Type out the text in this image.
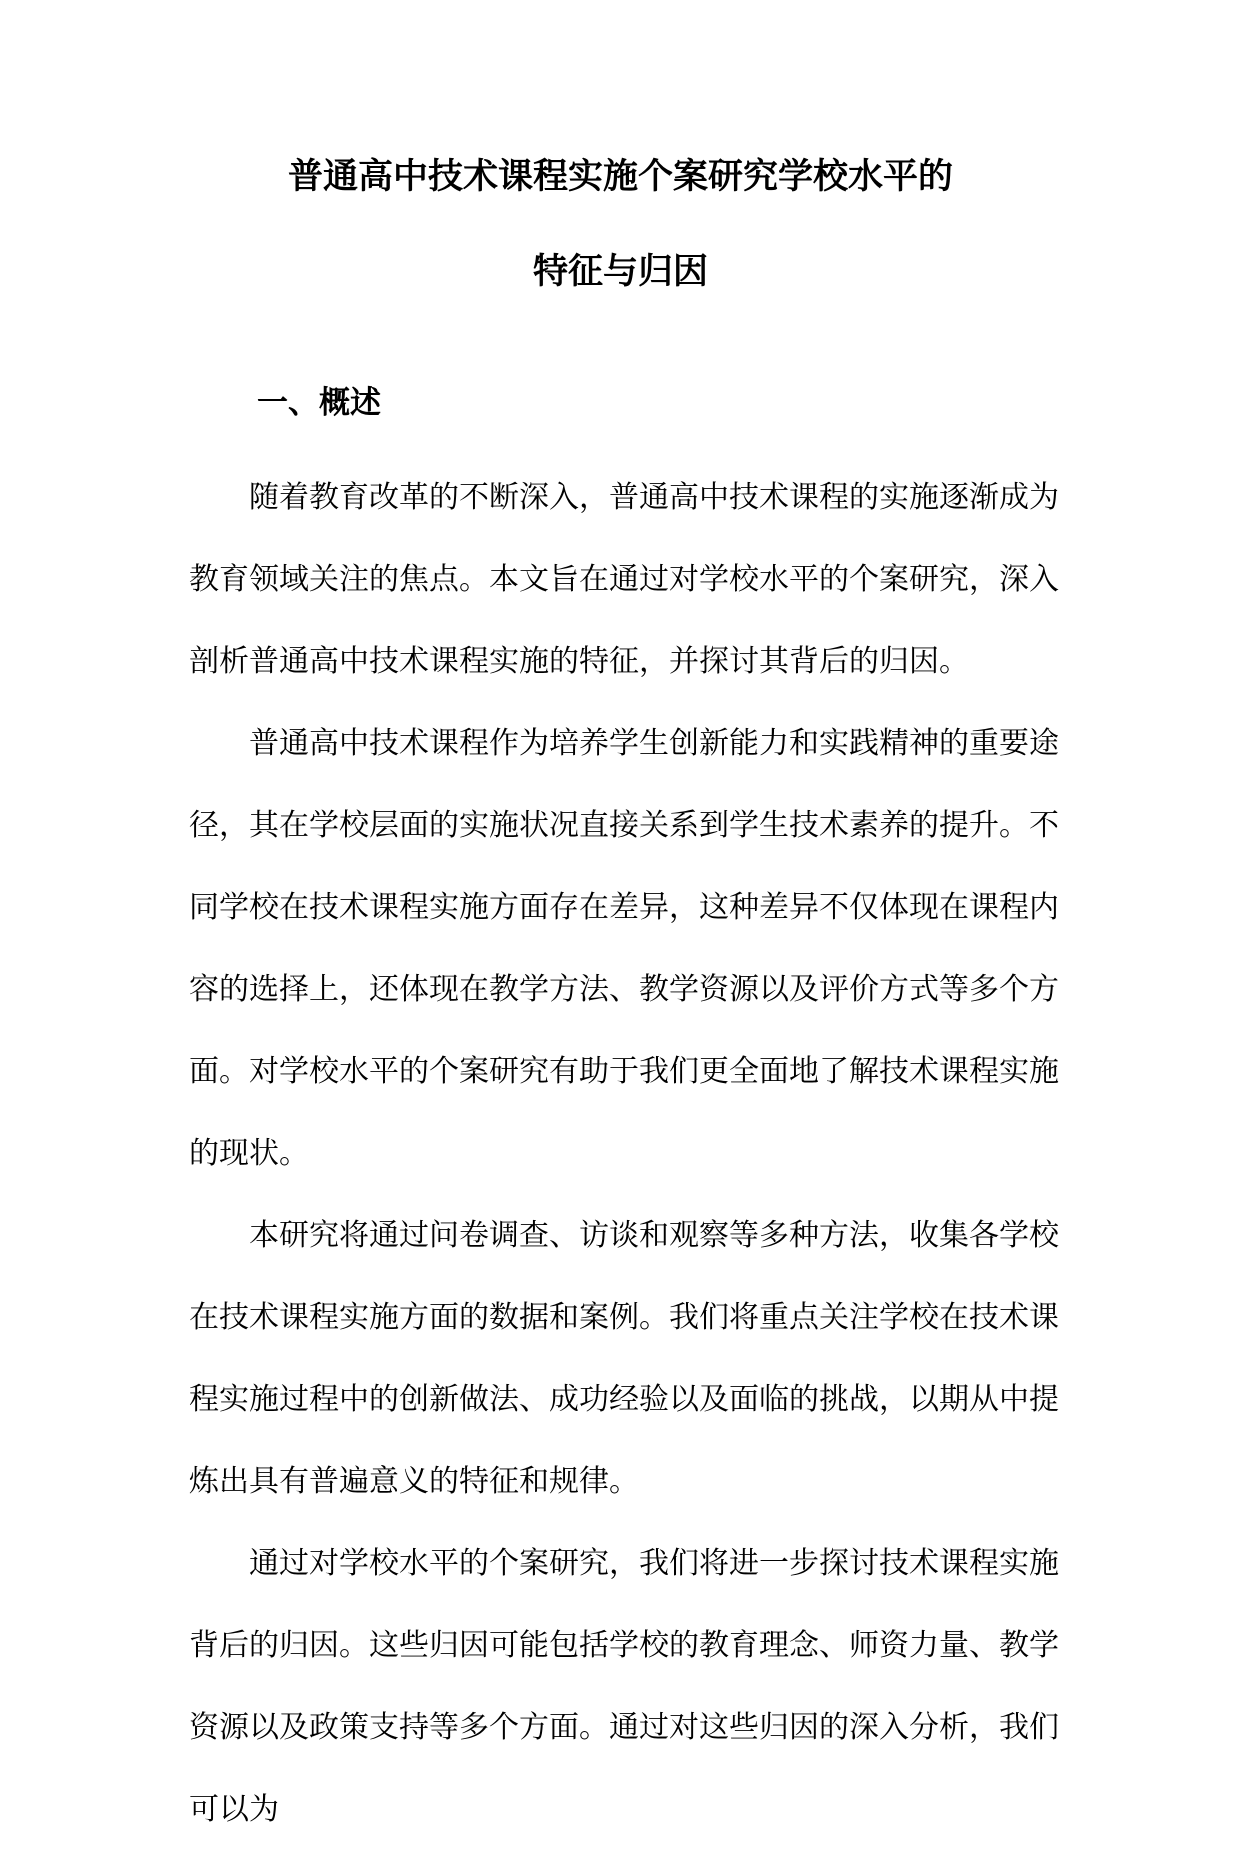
普通高中技术课程实施个案研究学校水平的
特征与归因
一、概述

随着教育改革的不断深入，普通高中技术课程的实施逐渐成为教育领域关注的焦点。本文旨在通过对学校水平的个案研究，深入剖析普通高中技术课程实施的特征，并探讨其背后的归因。

普通高中技术课程作为培养学生创新能力和实践精神的重要途径，其在学校层面的实施状况直接关系到学生技术素养的提升。不同学校在技术课程实施方面存在差异，这种差异不仅体现在课程内容的选择上，还体现在教学方法、教学资源以及评价方式等多个方面。对学校水平的个案研究有助于我们更全面地了解技术课程实施的现状。

本研究将通过问卷调查、访谈和观察等多种方法，收集各学校在技术课程实施方面的数据和案例。我们将重点关注学校在技术课程实施过程中的创新做法、成功经验以及面临的挑战，以期从中提炼出具有普遍意义的特征和规律。

通过对学校水平的个案研究，我们将进一步探讨技术课程实施背后的归因。这些归因可能包括学校的教育理念、师资力量、教学资源以及政策支持等多个方面。通过对这些归因的深入分析，我们可以为
